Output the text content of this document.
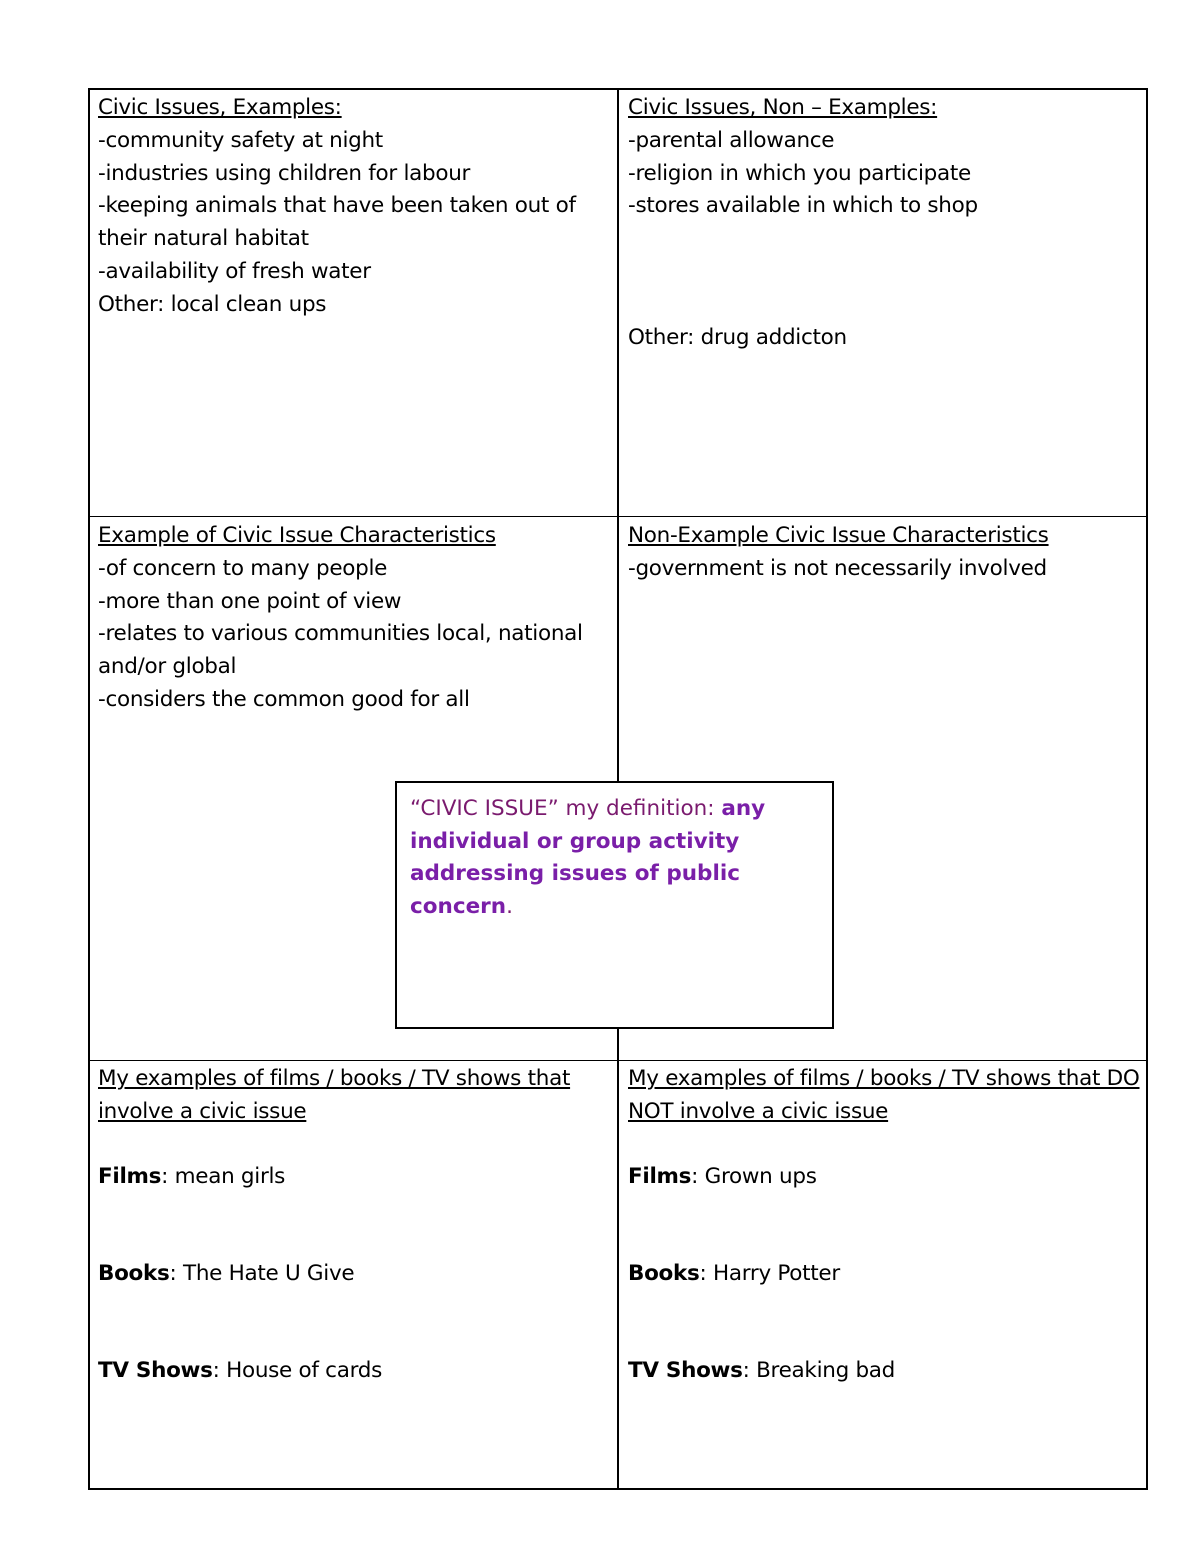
Civic Issues, Examples:
-community safety at night
-industries using children for labour
-keeping animals that have been taken out of their natural habitat
-availability of fresh water
Other: local clean ups
Civic Issues, Non – Examples:
-parental allowance
-religion in which you participate
-stores available in which to shop
Other: drug addicton
Example of Civic Issue Characteristics
-of concern to many people
-more than one point of view
-relates to various communities local, national and/or global
-considers the common good for all
Non-Example Civic Issue Characteristics
-government is not necessarily involved
My examples of films / books / TV shows that involve a civic issue
Films: mean girls
Books: The Hate U Give
TV Shows: House of cards
My examples of films / books / TV shows that DO NOT involve a civic issue
Films: Grown ups
Books: Harry Potter
TV Shows: Breaking bad
“CIVIC ISSUE” my definition: any individual or group activity addressing issues of public concern.
